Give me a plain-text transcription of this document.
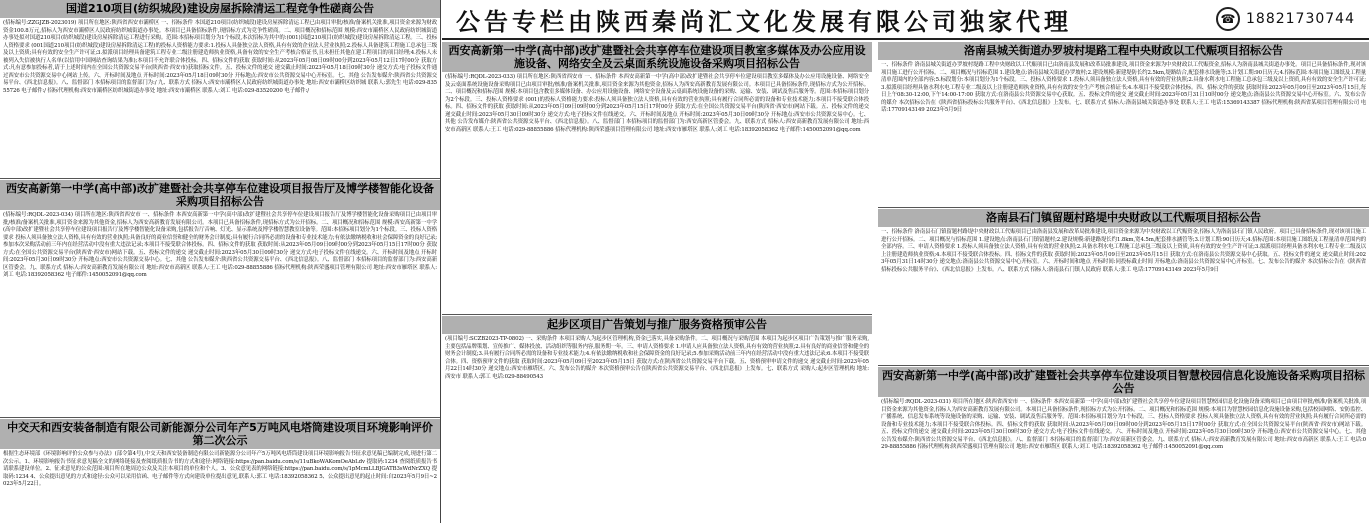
国道210项目(纺织城段)建设房屋拆除清运工程竞争性磋商公告
(招标编号:ZZGJZB-2023019) 项目所在地区:陕西省西安市灞桥区 一、招标条件 本国道210项目(纺织城段)建设房屋拆除清运工程已由项目审批/核准/备案机关批准,项目资金来源为财政资金100.8万元,招标人为西安市灞桥区人民政府纺织城街道办事处。本项目已具备招标条件,现招标方式为竞争性磋商。二、项目概况和招标范围 规模:西安市灞桥区人民政府纺织城街道办事处拟对国道210项目(纺织城段)建设房屋拆除清运工程进行采购。范围:本招标项目划分为1个标段,本次招标为其中的:(001)国道210项目(纺织城段)建设房屋拆除清运工程。三、投标人资格要求 (001国道210项目(纺织城段)建设房屋拆除清运工程)的投标人资格能力要求:1.投标人具备独立法人资格,具有有效的企业法人营业执照;2.投标人具备建筑工程施工总承包三级及以上资质;具有有效的安全生产许可证;3.拟派项目经理具备建筑工程专业二级注册建造师执业资格,具备有效的安全生产考核合格证书,且未担任其他在建工程项目的项目经理;4.投标人未被列入失信被执行人名单(以信用中国网站查询结果为准);本项目不允许联合体投标。四、招标文件的获取 获取时间:从2023年05月08日09时00分到2023年05月12日17时00分 获取方式:凡有意参加投标者,请于上述时间内在全国公共资源交易平台(陕西省·西安市)获取招标文件。五、投标文件的递交 递交截止时间:2023年05月18日09时30分 递交方式:电子投标文件通过西安市公共资源交易中心网站上传。六、开标时间及地点 开标时间:2023年05月18日09时30分 开标地点:西安市公共资源交易中心开标室。七、其他 公告发布媒介:陕西省公共资源交易平台、《西北信息报》。八、监督部门 本招标项目的监督部门为:/ 九、联系方式 招标人:西安市灞桥区人民政府纺织城街道办事处 地址:西安市灞桥区纺织城 联系人:郭先生 电话:029-83555726 电子邮件:/ 招标代理机构:西安市灞桥区纺织城街道办事处 地址:西安市灞桥区 联系人:刘工 电话:029-83520200 电子邮件:/
西安高新第一中学(高中部)改扩建暨社会共享停车位建设项目报告厅及博学楼智能化设备采购项目招标公告
(招标编号:RQDL-2023-034) 项目所在地区:陕西省西安市 一、招标条件 本西安高新第一中学(高中部)改扩建暨社会共享停车位建设项目报告厅及博学楼智能化设备采购项目已由项目审批/核准/备案机关批准,项目资金来源为其他资金,招标人为西安高新教育发展有限公司。本项目已具备招标条件,现招标方式为公开招标。二、项目概况和招标范围 规模:西安高新第一中学(高中部)改扩建暨社会共享停车位建设项目报告厅及博学楼智能化设备采购,包括报告厅音响、灯光、显示系统及博学楼智慧教室设备等。范围:本招标项目划分为1个标段。三、投标人资格要求 投标人须具备独立法人资格,具有有效的营业执照;具备良好的商业信誉和健全的财务会计制度;具有履行合同所必需的设备和专业技术能力;有依法缴纳税收和社会保障资金的良好记录;参加本次采购活动前三年内在经营活动中没有重大违法记录;本项目不接受联合体投标。四、招标文件的获取 获取时间:从2023年05月09日09时00分到2023年05月15日17时00分 获取方式:在全国公共资源交易平台(陕西省·西安市)网站下载。五、投标文件的递交 递交截止时间:2023年05月30日09时30分 递交方式:电子投标文件在线递交。六、开标时间及地点 开标时间:2023年05月30日09时30分 开标地点:西安市公共资源交易中心。七、其他 公告发布媒介:陕西省公共资源交易平台、《西北信息报》。八、监督部门 本招标项目的监督部门为:西安高新区管委会。九、联系方式 招标人:西安高新教育发展有限公司 地址:西安市高新区 联系人:王工 电话:029-88855886 招标代理机构:陕西荣盛项目管理有限公司 地址:西安市雁塔区 联系人:刘工 电话:18392058362 电子邮件:1450052091@qq.com
中交天和西安装备制造有限公司新能源分公司年产5万吨风电塔筒建设项目环境影响评价第二次公示
根据生态环境部《环境影响评价公众参与办法》(部令第4号),中交天和西安装备制造有限公司新能源分公司年产5万吨风电塔筒建设项目环境影响报告书征求意见稿已编制完成,现进行第二次公示。1、环境影响报告书征求意见稿全文的网络链接及查阅纸质报告书的方式和途径:网络链接:https://pan.baidu.com/s/11uBkoWAKomOeAbLdv 提取码:1234 查阅纸质报告书请联系建设单位。2、征求意见的公众范围:项目所在地周边公众及关注本项目的单位和个人。3、公众意见表的网络链接:https://pan.baidu.com/s/1pMcmLLBJGATB3sWdNrZXQ 提取码:1234 4、公众提出意见的方式和途径:公众可以采用信函、电子邮件等方式向建设单位提出意见,联系人:郭工 电话:18392058362 5、公众提出意见的起止时间:自2023年5月9日~2023年5月22日。
公告专栏由陕西秦尚汇文化发展有限公司独家代理	☎ 18821730744
西安高新第一中学(高中部)改扩建暨社会共享停车位建设项目教室多媒体及办公应用设施设备、网络安全及云桌面系统设施设备采购项目招标公告
(招标编号:RQDL-2023-033) 项目所在地区:陕西省西安市 一、招标条件 本西安高新第一中学(高中部)改扩建暨社会共享停车位建设项目教室多媒体及办公应用设施设备、网络安全及云桌面系统设施设备采购项目已由项目审批/核准/备案机关批准,项目资金来源为其他资金,招标人为西安高新教育发展有限公司。本项目已具备招标条件,现招标方式为公开招标。二、项目概况和招标范围 规模:本项目包含教室多媒体设备、办公应用设施设备、网络安全设备及云桌面系统设施设备的采购、运输、安装、调试及售后服务等。范围:本招标项目划分为2个标段。三、投标人资格要求 (001)的投标人资格能力要求:投标人须具备独立法人资格,具有有效的营业执照;具有履行合同所必需的设备和专业技术能力;本项目不接受联合体投标。四、招标文件的获取 获取时间:从2023年05月09日09时00分到2023年05月15日17时00分 获取方式:在全国公共资源交易平台(陕西省·西安市)网站下载。五、投标文件的递交 递交截止时间:2023年05月30日09时30分 递交方式:电子投标文件在线递交。六、开标时间及地点 开标时间:2023年05月30日09时30分 开标地点:西安市公共资源交易中心。七、其他 公告发布媒介:陕西省公共资源交易平台、《西北信息报》。八、监督部门 本招标项目的监督部门为:西安高新区管委会。九、联系方式 招标人:西安高新教育发展有限公司 地址:西安市高新区 联系人:王工 电话:029-88855886 招标代理机构:陕西荣盛项目管理有限公司 地址:西安市雁塔区 联系人:刘工 电话:18392058362 电子邮件:1450052091@qq.com
起步区项目广告策划与推广服务资格预审公告
(项目编号:SCZB2023-TP-0802) 一、采购条件 本项目采购人为起步区管理机构,资金已落实,具备采购条件。二、项目概况与采购范围 本项目为起步区项目广告策划与推广服务采购,主要包括品牌策划、宣传推广、媒体投放、活动组织等服务内容,服务期一年。三、申请人资格要求 1.申请人应具备独立法人资格,具有有效的营业执照;2.具有良好的商业信誉和健全的财务会计制度;3.具有履行合同所必需的设备和专业技术能力;4.有依法缴纳税收和社会保障资金的良好记录;5.参加采购活动前三年内在经营活动中没有重大违法记录;6.本项目不接受联合体。四、资格预审文件的获取 获取时间:2023年05月09日至2023年05月15日 获取方式:在陕西省公共资源交易平台下载。五、资格预审申请文件的递交 递交截止时间:2023年05月22日14时30分 递交地点:西安市雁塔区。六、发布公告的媒介 本次资格预审公告在陕西省公共资源交易平台、《西北信息报》上发布。七、联系方式 采购人:起步区管理机构 地址:西安市 联系人:郭工 电话:029-88490543
洛南县城关街道办罗坡村堤路工程中央财政以工代赈项目招标公告
一、招标条件 洛南县城关街道办罗坡村堤路工程中央财政以工代赈项目已由洛南县发展和改革局批准建设,项目资金来源为中央财政以工代赈资金,招标人为洛南县城关街道办事处。项目已具备招标条件,现对该项目施工进行公开招标。二、项目概况与招标范围 1.建设地点:洛南县城关街道办罗坡村;2.建设规模:新建堤防长约2.5km,堤路结合,配套排水设施等;3.计划工期:90日历天;4.招标范围:本项目施工图纸及工程量清单范围内的全部内容;5.标段划分:本项目划分为1个标段。三、投标人资格要求 1.投标人须具备独立法人资格,具有有效的营业执照;2.具备水利水电工程施工总承包三级及以上资质,具有有效的安全生产许可证;3.拟派项目经理具备水利水电工程专业二级及以上注册建造师执业资格,具有有效的安全生产考核合格证书;4.本项目不接受联合体投标。四、招标文件的获取 获取时间:2023年05月09日至2023年05月15日,每日上午08:30-12:00,下午14:00-17:00 获取方式:在洛南县公共资源交易中心获取。五、投标文件的递交 递交截止时间:2023年05月31日10时00分 递交地点:洛南县公共资源交易中心开标室。六、发布公告的媒介 本次招标公告在《陕西省招标投标公共服务平台》、《西北信息报》上发布。七、联系方式 招标人:洛南县城关街道办事处 联系人:王工 电话:15369143387 招标代理机构:陕西省某项目管理有限公司 电话:17709143149 2023年5月9日
洛南县石门镇留题村路堤中央财政以工代赈项目招标公告
一、招标条件 洛南县石门镇留题村路堤中央财政以工代赈项目已由洛南县发展和改革局批准建设,项目资金来源为中央财政以工代赈资金,招标人为洛南县石门镇人民政府。项目已具备招标条件,现对该项目施工进行公开招标。二、项目概况与招标范围 1.建设地点:洛南县石门镇留题村;2.建设规模:新建路堤长约1.8km,宽4.5m,配套排水涵管等;3.计划工期:90日历天;4.招标范围:本项目施工图纸及工程量清单范围内的全部内容。三、申请人资格要求 1.投标人须具备独立法人资格,具有有效的营业执照;2.具备水利水电工程施工总承包三级及以上资质,具有有效的安全生产许可证;3.拟派项目经理具备水利水电工程专业二级及以上注册建造师执业资格;4.本项目不接受联合体投标。四、招标文件的获取 获取时间:2023年05月09日至2023年05月15日 获取方式:在洛南县公共资源交易中心获取。五、投标文件的递交 递交截止时间:2023年05月31日14时30分 递交地点:洛南县公共资源交易中心开标室。六、开标时间和地点 开标时间:同投标截止时间 开标地点:洛南县公共资源交易中心开标室。七、发布公告的媒介 本次招标公告在《陕西省招标投标公共服务平台》、《西北信息报》上发布。八、联系方式 招标人:洛南县石门镇人民政府 联系人:张工 电话:17709143149 2023年5月9日
西安高新第一中学(高中部)改扩建暨社会共享停车位建设项目智慧校园信息化设施设备采购项目招标公告
(招标编号:RQDL-2023-031) 项目所在地区:陕西省西安市 一、招标条件 本西安高新第一中学(高中部)改扩建暨社会共享停车位建设项目智慧校园信息化设施设备采购项目已由项目审批/核准/备案机关批准,项目资金来源为其他资金,招标人为西安高新教育发展有限公司。本项目已具备招标条件,现招标方式为公开招标。二、项目概况和招标范围 规模:本项目为智慧校园信息化设施设备采购,包括校园网络、安防监控、广播系统、信息发布系统等设施设备的采购、运输、安装、调试及售后服务等。范围:本招标项目划分为1个标段。三、投标人资格要求 投标人须具备独立法人资格,具有有效的营业执照;具有履行合同所必需的设备和专业技术能力;本项目不接受联合体投标。四、招标文件的获取 获取时间:从2023年05月09日09时00分到2023年05月15日17时00分 获取方式:在全国公共资源交易平台(陕西省·西安市)网站下载。五、投标文件的递交 递交截止时间:2023年05月30日09时30分 递交方式:电子投标文件在线递交。六、开标时间及地点 开标时间:2023年05月30日09时30分 开标地点:西安市公共资源交易中心。七、其他 公告发布媒介:陕西省公共资源交易平台、《西北信息报》。八、监督部门 本招标项目的监督部门为:西安高新区管委会。九、联系方式 招标人:西安高新教育发展有限公司 地址:西安市高新区 联系人:王工 电话:029-88855886 招标代理机构:陕西荣盛项目管理有限公司 地址:西安市雁塔区 联系人:刘工 电话:18392058362 电子邮件:1450052091@qq.com
